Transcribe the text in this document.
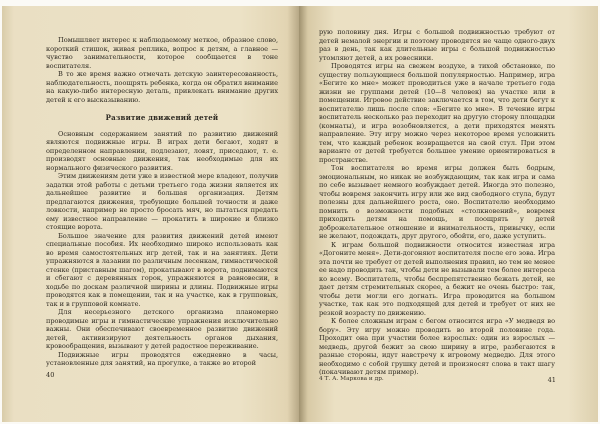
Помышляет интерес к наблюдаемому меткое, образное слово, короткий стишок, живая реплика, вопрос к детям, а главное — чувство занимательности, которое сообщается в тоне воспитателя.

В то же время важно отмечать детскую заинтересованность, наблюдательность, поощрять ребенка, когда он обратил внимание на какую-либо интересную деталь, привлекать внимание других детей к его высказыванию.

Развитие движений детей

Основным содержанием занятий по развитию движений являются подвижные игры. В играх дети бегают, ходят в определенном направлении, подлезают, ловят, приседают, т. е. производят основные движения, так необходимые для их нормального физического развития.

Этим движениям дети уже в известной мере владеют, получив задатки этой работы с детьми третьего года жизни является их дальнейшее развитие и большая организация. Детям предлагаются движения, требующие большей точности и даже ловкости, например не просто бросать мяч, но пытаться предать ему известное направление — прокатить в широкие и близко стоящие ворота.

Большое значение для развития движений детей имеют специальные пособия. Их необходимо широко использовать как во время самостоятельных игр детей, так и на занятиях. Дети упражняются в лазании по различным лесенкам, гимнастической стенке (приставным шагом), прокатывают в ворота, поднимаются и сбегают с деревянных горок, упражняются в равновесии, в ходьбе по доскам различной ширины и длины. Подвижные игры проводятся как в помещении, так и на участке, как в групповых, так и в групповой комнате.

Для несерьезного детского организма планомерно проводимые игры и гимнастические упражнения исключительно важны. Они обеспечивают своевременное развитие движений детей, активизируют деятельность органов дыхания, кровообращения, вызывают у детей радостное переживание.

Подвижные игры проводятся ежедневно в часы, установленные для занятий, на прогулке, а также во второй

40

рую половину дня. Игры с большой подвижностью требуют от детей немалой энергии и поэтому проводятся не чаще одного-двух раз в день, так как длительные игры с большой подвижностью утомляют детей, а их ровесники.

Проводятся игры на свежем воздухе, в тихой обстановке, по существу пользующиеся большой популярностью. Например, игра «Бегите ко мне» может проводиться уже в начале третьего года жизни не группами детей (10—8 человек) на участке или в помещении. Игровое действие заключается в том, что дети бегут к воспитателю лишь после слов: «Бегите ко мне». В течение игры воспитатель несколько раз переходит на другую сторону площадки (комнаты), и игра возобновляется, а дети приходятся менять направление. Эту игру можно через некоторое время усложнить тем, что каждый ребенок возвращается на свой стул. При этом варианте от детей требуется большее умение ориентироваться в пространстве.

Тон воспитателя во время игры должен быть бодрым, эмоциональным, но никак не возбуждающим, так как игра и сама по себе вызывает немного возбуждает детей. Иногда это полезно, чтобы вовремя закончить игру или же вид свободного стула, будут полезны для дальнейшего роста, оно. Воспитателю необходимо помнить о возможности подобных «столкновений», вовремя приходить детям на помощь, и поощрять у детей доброжелательное отношение и внимательность, привычку, если не желают, подождать, друг другого, обойти, его, даже уступить.

К играм большой подвижности относится известная игра «Догоните меня». Дети-догоняют воспитателя после его зова. Игра эта почти не требует от детей выполнения правил, но тем не менее ее надо проводить так, чтобы дети не вызывали тем более интереса ко всему. Воспитатель, чтобы беспрепятственно бежать детей, не дает детям стремительных скорее, а бежит не очень быстро: так, чтобы дети могли его догнать. Игра проводится на большом участке, так как это подходящей для детей и требует от них не резкой возрасту по движению.

К более сложным играм с бегом относится игра «У медведя во бору». Эту игру можно проводить во второй половине года. Проходит она при участии более взрослых: один из взрослых — медведь, другой бежит за свою ширину в игре, разбегаются в разные стороны, идут навстречу к игровому медведю. Для этого необходимо с собой грушку детей и произносят слова в такт шагу (покачивают детям пример).

4 Т. А. Маркова и др.	41
